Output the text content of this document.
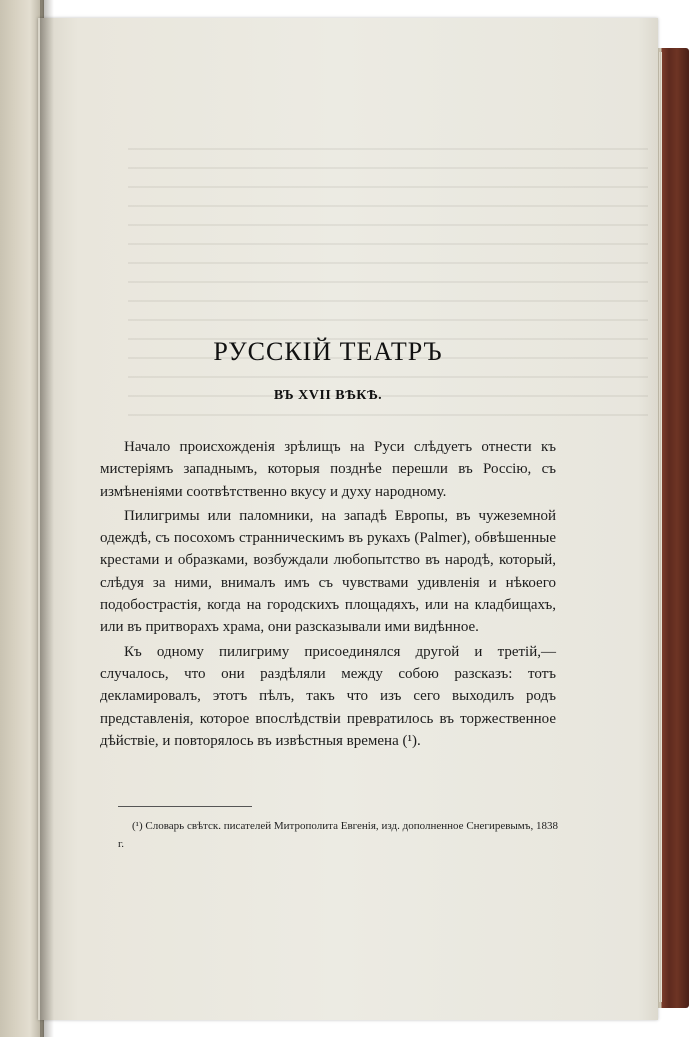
РУССКІЙ ТЕАТРЪ
ВЪ XVII ВѢКѢ.

Начало происхожденія зрѣлищъ на Руси слѣдуетъ отнести къ мистеріямъ западнымъ, которыя позднѣе перешли въ Россію, съ измѣненіями соотвѣтственно вкусу и духу народному.

Пилигримы или паломники, на западѣ Европы, въ чужеземной одеждѣ, съ посохомъ странническимъ въ рукахъ (Palmer), обвѣшенные крестами и образками, возбуждали любопытство въ народѣ, который, слѣдуя за ними, внималъ имъ съ чувствами удивленія и нѣкоего подобострастія, когда на городскихъ площадяхъ, или на кладбищахъ, или въ притворахъ храма, они разсказывали ими видѣнное.

Къ одному пилигриму присоединялся другой и третій,— случалось, что они раздѣляли между собою разсказъ: тотъ декламировалъ, этотъ пѣлъ, такъ что изъ сего выходилъ родъ представленія, которое впослѣдствіи превратилось въ торжественное дѣйствіе, и повторялось въ извѣстныя времена (¹).

(¹) Словарь свѣтск. писателей Митрополита Евгенія, изд. дополненное Снегиревымъ, 1838 г.
